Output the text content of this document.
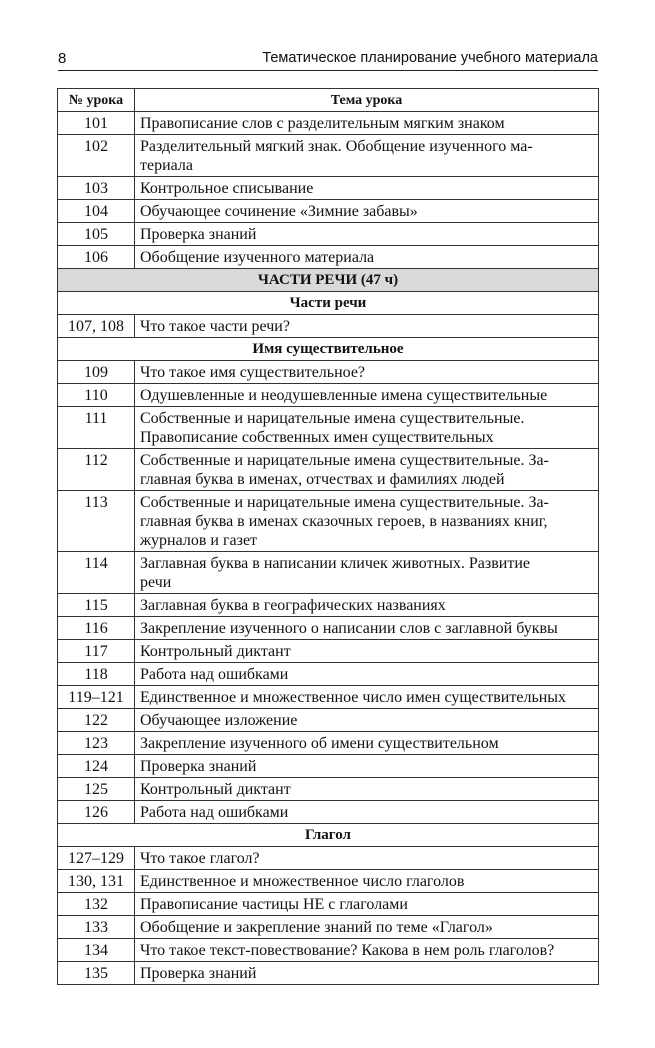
8	Тематическое планирование учебного материала
№ урока	Тема урока
101	Правописание слов с разделительным мягким знаком
102	Разделительный мягкий знак. Обобщение изученного ма-
териала
103	Контрольное списывание
104	Обучающее сочинение «Зимние забавы»
105	Проверка знаний
106	Обобщение изученного материала
ЧАСТИ РЕЧИ (47 ч)	
Части речи	
107, 108	Что такое части речи?
Имя существительное	
109	Что такое имя существительное?
110	Одушевленные и неодушевленные имена существительные
111	Собственные и нарицательные имена существительные.
Правописание собственных имен существительных
112	Собственные и нарицательные имена существительные. За-
главная буква в именах, отчествах и фамилиях людей
113	Собственные и нарицательные имена существительные. За-
главная буква в именах сказочных героев, в названиях книг,
журналов и газет
114	Заглавная буква в написании кличек животных. Развитие
речи
115	Заглавная буква в географических названиях
116	Закрепление изученного о написании слов с заглавной буквы
117	Контрольный диктант
118	Работа над ошибками
119–121	Единственное и множественное число имен существительных
122	Обучающее изложение
123	Закрепление изученного об имени существительном
124	Проверка знаний
125	Контрольный диктант
126	Работа над ошибками
Глагол	
127–129	Что такое глагол?
130, 131	Единственное и множественное число глаголов
132	Правописание частицы НЕ с глаголами
133	Обобщение и закрепление знаний по теме «Глагол»
134	Что такое текст-повествование? Какова в нем роль глаголов?
135	Проверка знаний
